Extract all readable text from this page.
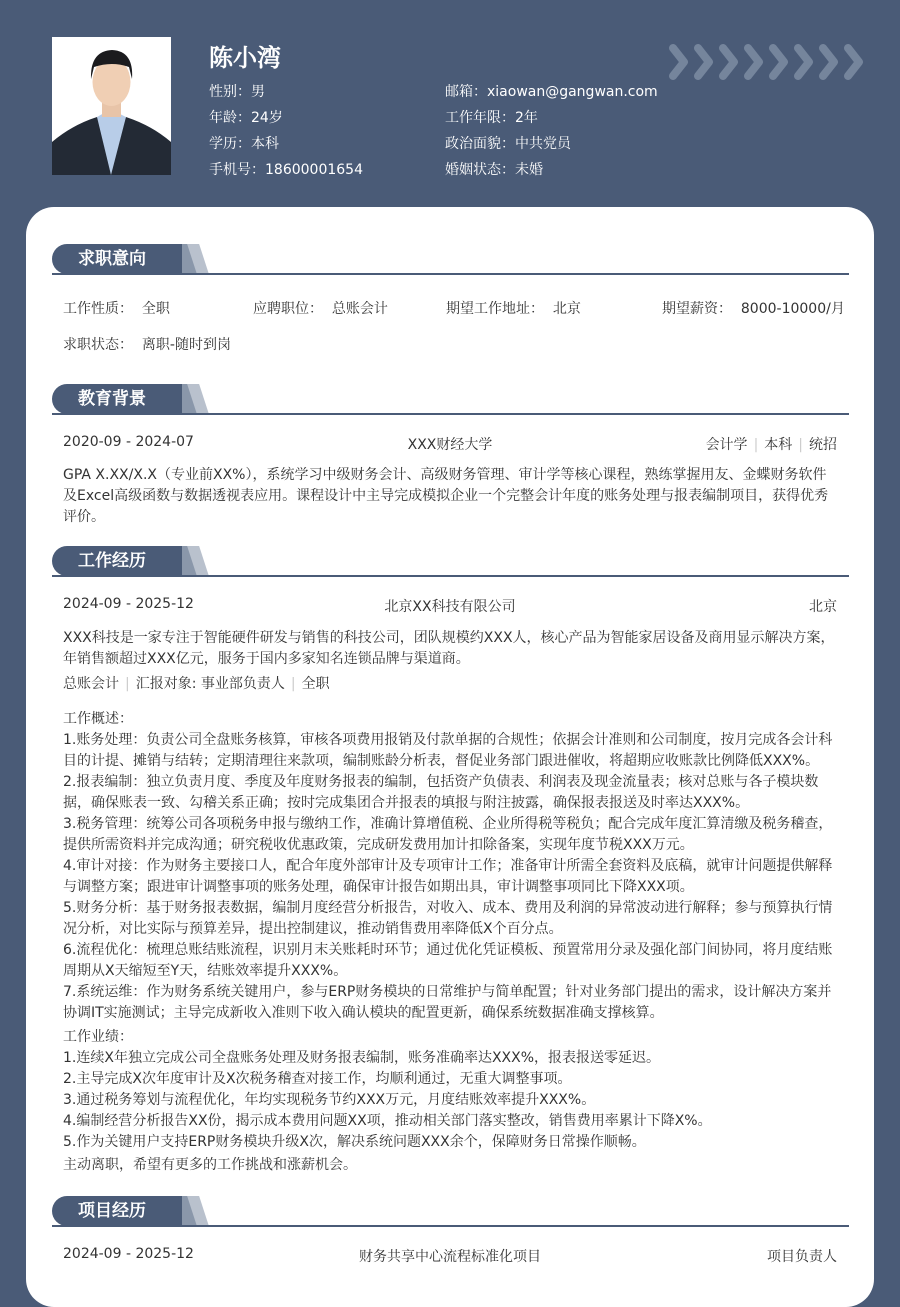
陈小湾
性别：男
年龄：24岁
学历：本科
手机号：18600001654
邮箱：xiaowan@gangwan.com
工作年限：2年
政治面貌：中共党员
婚姻状态：未婚
求职意向
工作性质：  全职	应聘职位：  总账会计	期望工作地址：  北京	期望薪资：  8000-10000/月
求职状态：  离职-随时到岗
教育背景
2020-09 - 2024-07	XXX财经大学	会计学 | 本科 | 统招
GPA X.XX/X.X（专业前XX%），系统学习中级财务会计、高级财务管理、审计学等核心课程，熟练掌握用友、金蝶财务软件及Excel高级函数与数据透视表应用。课程设计中主导完成模拟企业一个完整会计年度的账务处理与报表编制项目，获得优秀评价。
工作经历
2024-09 - 2025-12	北京XX科技有限公司	北京
XXX科技是一家专注于智能硬件研发与销售的科技公司，团队规模约XXX人，核心产品为智能家居设备及商用显示解决方案，年销售额超过XXX亿元，服务于国内多家知名连锁品牌与渠道商。
总账会计 | 汇报对象: 事业部负责人 | 全职
工作概述：
1.账务处理：负责公司全盘账务核算，审核各项费用报销及付款单据的合规性；依据会计准则和公司制度，按月完成各会计科目的计提、摊销与结转；定期清理往来款项，编制账龄分析表，督促业务部门跟进催收，将超期应收账款比例降低XXX%。
2.报表编制：独立负责月度、季度及年度财务报表的编制，包括资产负债表、利润表及现金流量表；核对总账与各子模块数据，确保账表一致、勾稽关系正确；按时完成集团合并报表的填报与附注披露，确保报表报送及时率达XXX%。
3.税务管理：统筹公司各项税务申报与缴纳工作，准确计算增值税、企业所得税等税负；配合完成年度汇算清缴及税务稽查，提供所需资料并完成沟通；研究税收优惠政策，完成研发费用加计扣除备案，实现年度节税XXX万元。
4.审计对接：作为财务主要接口人，配合年度外部审计及专项审计工作；准备审计所需全套资料及底稿，就审计问题提供解释与调整方案；跟进审计调整事项的账务处理，确保审计报告如期出具，审计调整事项同比下降XXX项。
5.财务分析：基于财务报表数据，编制月度经营分析报告，对收入、成本、费用及利润的异常波动进行解释；参与预算执行情况分析，对比实际与预算差异，提出控制建议，推动销售费用率降低X个百分点。
6.流程优化：梳理总账结账流程，识别月末关账耗时环节；通过优化凭证模板、预置常用分录及强化部门间协同，将月度结账周期从X天缩短至Y天，结账效率提升XXX%。
7.系统运维：作为财务系统关键用户，参与ERP财务模块的日常维护与简单配置；针对业务部门提出的需求，设计解决方案并协调IT实施测试；主导完成新收入准则下收入确认模块的配置更新，确保系统数据准确支撑核算。
工作业绩：
1.连续X年独立完成公司全盘账务处理及财务报表编制，账务准确率达XXX%，报表报送零延迟。
2.主导完成X次年度审计及X次税务稽查对接工作，均顺利通过，无重大调整事项。
3.通过税务筹划与流程优化，年均实现税务节约XXX万元，月度结账效率提升XXX%。
4.编制经营分析报告XX份，揭示成本费用问题XX项，推动相关部门落实整改，销售费用率累计下降X%。
5.作为关键用户支持ERP财务模块升级X次，解决系统问题XXX余个，保障财务日常操作顺畅。
主动离职，希望有更多的工作挑战和涨薪机会。
项目经历
2024-09 - 2025-12	财务共享中心流程标准化项目	项目负责人
